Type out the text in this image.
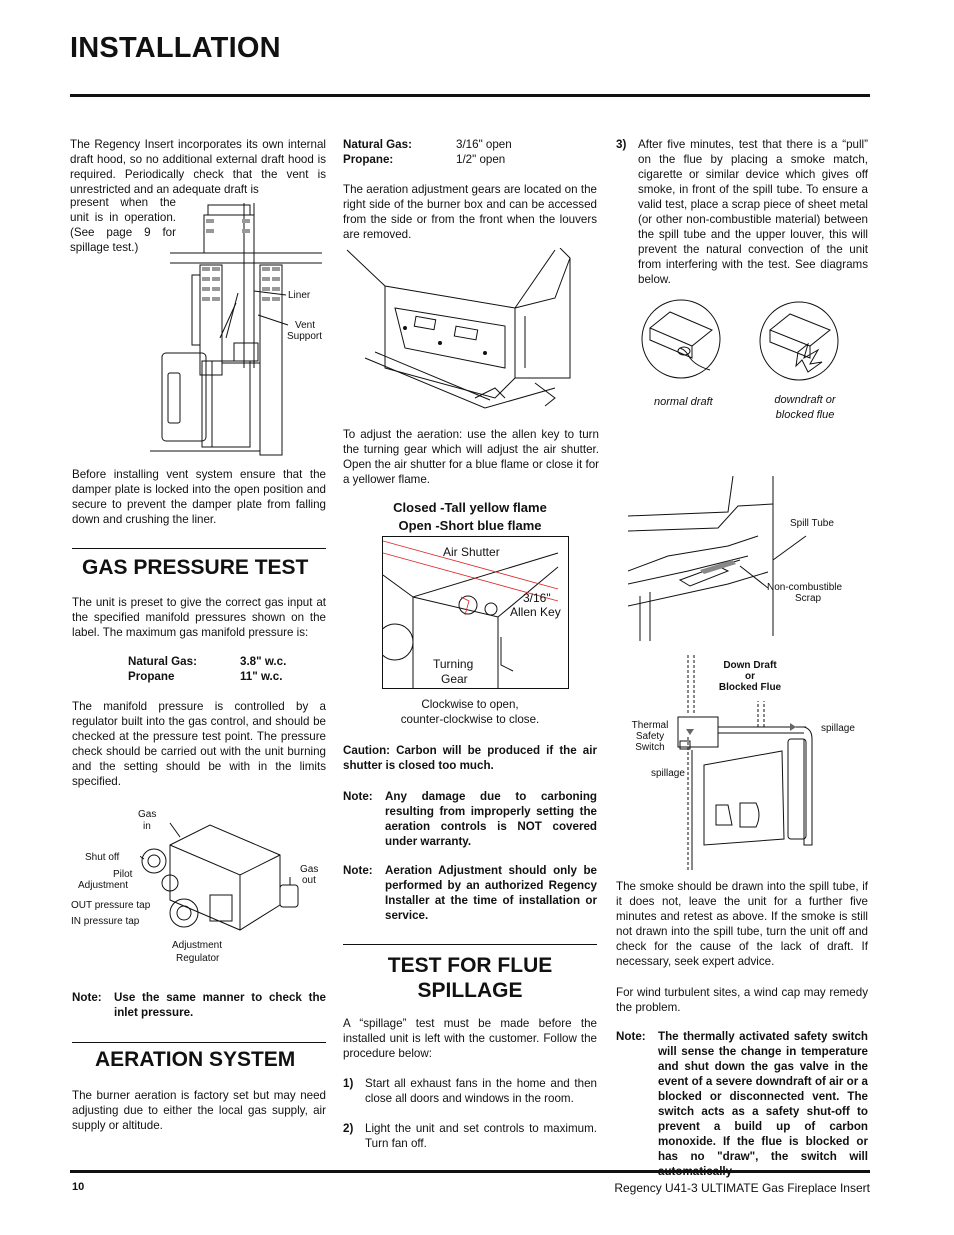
INSTALLATION

The Regency Insert incorporates its own internal draft hood, so no additional external draft hood is required. Periodically check that the vent is unrestricted and an adequate draft is

present when the unit is in operation. (See page 9 for spillage test.)

Liner
Vent
Support

Before installing vent system ensure that the damper plate is locked into the open position and secure to prevent the damper plate from falling down and crushing the liner.

GAS PRESSURE TEST

The unit is preset to give the correct gas input at the specified manifold pressures shown on the label. The maximum gas manifold pressure is:

Natural Gas:	3.8" w.c.
Propane	11" w.c.

The manifold pressure is controlled by a regulator built into the gas control, and should be checked at the pressure test point. The pressure check should be carried out with the unit burning and the setting should be with in the limits specified.

Gas
in
Shut off
Pilot
Adjustment
Gas
out
OUT pressure tap
IN pressure tap
Adjustment
Regulator
Note:	Use the same manner to check the inlet pressure.
AERATION SYSTEM

The burner aeration is factory set but may need adjusting due to either the local gas supply, air supply or altitude.

Natural Gas:	3/16" open
Propane:	1/2" open

The aeration adjustment gears are located on the right side of the burner box and can be accessed from the side or from the front when the louvers are removed.

To adjust the aeration: use the allen key to turn the turning gear which will adjust the air shutter. Open the air shutter for a blue flame or close it for a yellower flame.

Closed -Tall yellow flame
Open -Short blue flame
Air Shutter
3/16"
Allen Key
Turning
Gear
Clockwise to open,
counter-clockwise to close.

Caution: Carbon will be produced if the air shutter is closed too much.

Note:	Any damage due to carboning resulting from improperly setting the aeration controls is NOT covered under warranty.
Note:	Aeration Adjustment should only be performed by an authorized Regency Installer at the time of installation or service.
TEST FOR FLUE
SPILLAGE

A “spillage” test must be made before the installed unit is left with the customer. Follow the procedure below:

1)	Start all exhaust fans in the home and then close all doors and windows in the room.
2)	Light the unit and set controls to maximum. Turn fan off.
3)	After five minutes, test that there is a “pull” on the flue by placing a smoke match, cigarette or similar device which gives off smoke, in front of the spill tube. To ensure a valid test, place a scrap piece of sheet metal (or other non-combustible material) between the spill tube and the upper louver, this will prevent the natural convection of the unit from interfering with the test. See diagrams below.
normal draft	downdraft or
blocked flue
Spill Tube
Non-combustible
Scrap
Down Draft
or
Blocked Flue
Thermal
Safety
Switch
spillage
spillage

The smoke should be drawn into the spill tube, if it does not, leave the unit for a further five minutes and retest as above. If the smoke is still not drawn into the spill tube, turn the unit off and check for the cause of the lack of draft. If necessary, seek expert advice.

For wind turbulent sites, a wind cap may remedy the problem.

Note:	The thermally activated safety switch will sense the change in temperature and shut down the gas valve in the event of a severe downdraft of air or a blocked or disconnected vent. The switch acts as a safety shut-off to prevent a build up of carbon monoxide. If the flue is blocked or has no "draw", the switch will
10	Regency U41-3 ULTIMATE Gas Fireplace Insert
